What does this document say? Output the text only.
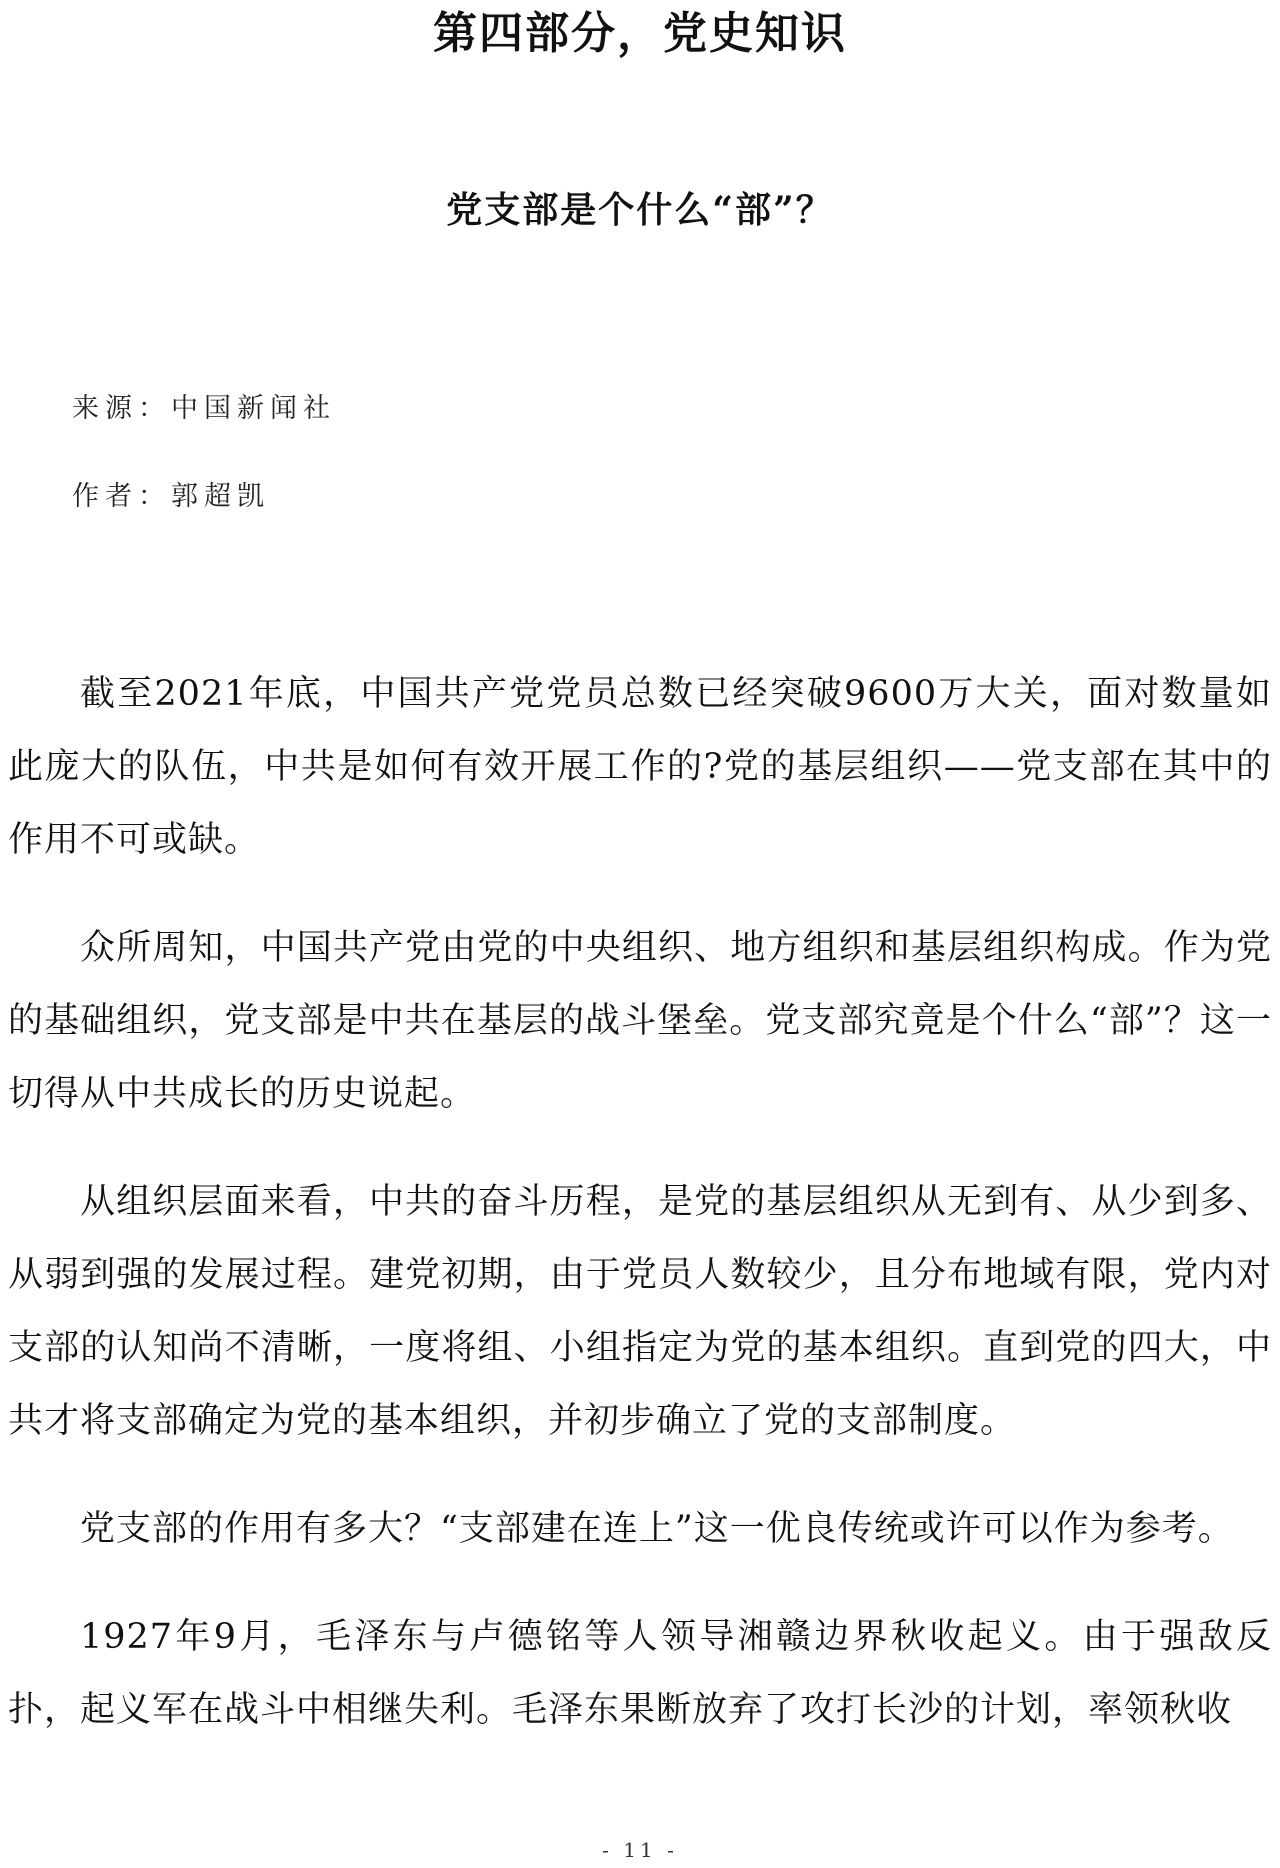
第四部分，党史知识
党支部是个什么“部”？
来源：中国新闻社
作者：郭超凯

截至2021年底，中国共产党党员总数已经突破9600万大关，面对数量如此庞大的队伍，中共是如何有效开展工作的?党的基层组织——党支部在其中的作用不可或缺。

众所周知，中国共产党由党的中央组织、地方组织和基层组织构成。作为党的基础组织，党支部是中共在基层的战斗堡垒。党支部究竟是个什么“部”？这一切得从中共成长的历史说起。

从组织层面来看，中共的奋斗历程，是党的基层组织从无到有、从少到多、从弱到强的发展过程。建党初期，由于党员人数较少，且分布地域有限，党内对支部的认知尚不清晰，一度将组、小组指定为党的基本组织。直到党的四大，中共才将支部确定为党的基本组织，并初步确立了党的支部制度。

党支部的作用有多大？“支部建在连上”这一优良传统或许可以作为参考。

1927年9月，毛泽东与卢德铭等人领导湘赣边界秋收起义。由于强敌反扑，起义军在战斗中相继失利。毛泽东果断放弃了攻打长沙的计划，率领秋收

- 11 -
